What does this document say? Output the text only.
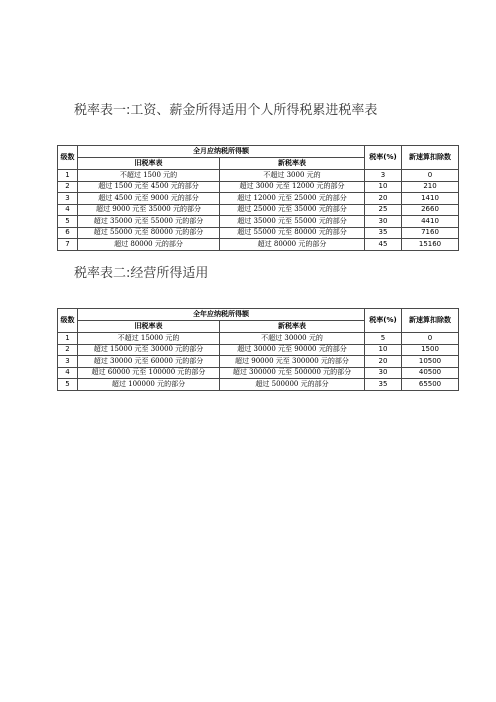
税率表一:工资、薪金所得适用个人所得税累进税率表
级数	全月应纳税所得额		税率(%)	新速算扣除数
	旧税率表	新税率表		
1	不超过 1500 元的	不超过 3000 元的	3	0
2	超过 1500 元至 4500 元的部分	超过 3000 元至 12000 元的部分	10	210
3	超过 4500 元至 9000 元的部分	超过 12000 元至 25000 元的部分	20	1410
4	超过 9000 元至 35000 元的部分	超过 25000 元至 35000 元的部分	25	2660
5	超过 35000 元至 55000 元的部分	超过 35000 元至 55000 元的部分	30	4410
6	超过 55000 元至 80000 元的部分	超过 55000 元至 80000 元的部分	35	7160
7	超过 80000 元的部分	超过 80000 元的部分	45	15160
税率表二:经营所得适用
级数	全年应纳税所得额		税率(%)	新速算扣除数
	旧税率表	新税率表		
1	不超过 15000 元的	不超过 30000 元的	5	0
2	超过 15000 元至 30000 元的部分	超过 30000 元至 90000 元的部分	10	1500
3	超过 30000 元至 60000 元的部分	超过 90000 元至 300000 元的部分	20	10500
4	超过 60000 元至 100000 元的部分	超过 300000 元至 500000 元的部分	30	40500
5	超过 100000 元的部分	超过 500000 元的部分	35	65500
